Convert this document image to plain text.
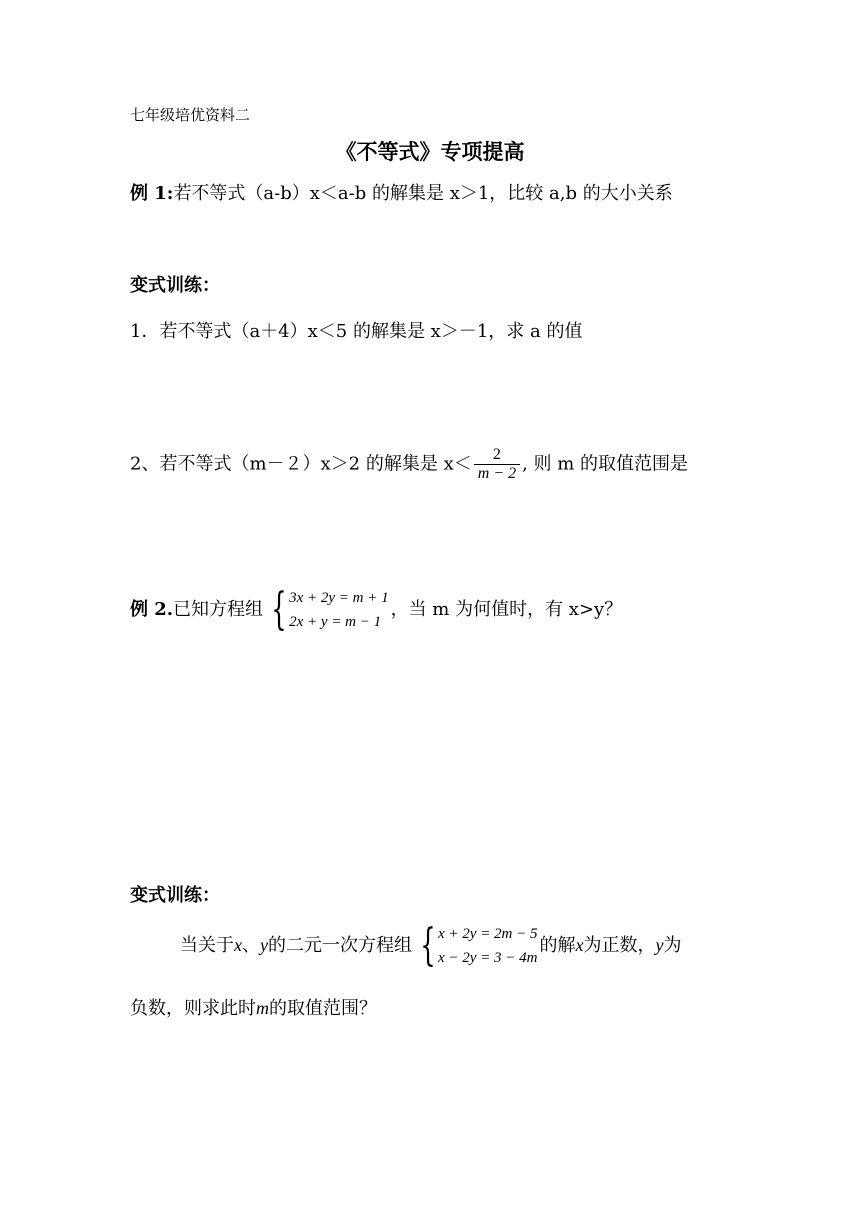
七年级培优资料二
《不等式》专项提高
例 1:若不等式（a-b）x＜a-b 的解集是 x＞1，比较 a,b 的大小关系
变式训练：
1．若不等式（a＋4）x＜5 的解集是 x＞－1，求 a 的值
2、若不等式（m－２）x＞2 的解集是 $x< \frac{2}{m - 2}$ , 则 m 的取值范围是
例 2.已知方程组 { 3x + 2y = m + 1
2x + y = m − 1
，当 m 为何值时，有 x>y？
变式训练：
当关于x、y的二元一次方程组 { x + 2y = 2m − 5
x − 2y = 3 − 4m
的解x为正数，y为
负数，则求此时m的取值范围？
